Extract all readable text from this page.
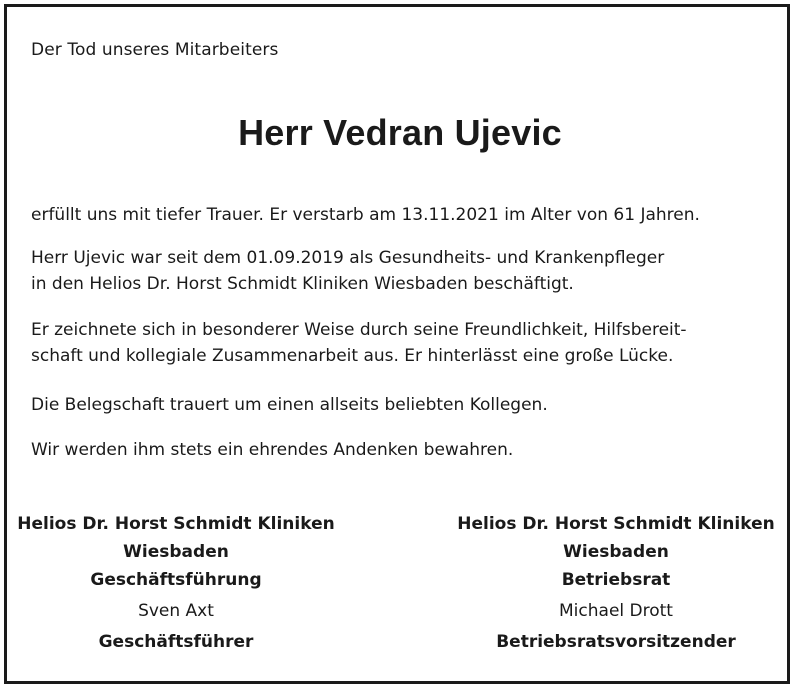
Der Tod unseres Mitarbeiters
Herr Vedran Ujevic

erfüllt uns mit tiefer Trauer. Er verstarb am 13.11.2021 im Alter von 61 Jahren.

Herr Ujevic war seit dem 01.09.2019 als Gesundheits- und Krankenpfleger
in den Helios Dr. Horst Schmidt Kliniken Wiesbaden beschäftigt.

Er zeichnete sich in besonderer Weise durch seine Freundlichkeit, Hilfsbereit-
schaft und kollegiale Zusammenarbeit aus. Er hinterlässt eine große Lücke.

Die Belegschaft trauert um einen allseits beliebten Kollegen.

Wir werden ihm stets ein ehrendes Andenken bewahren.

Helios Dr. Horst Schmidt Kliniken
Wiesbaden
Geschäftsführung
Sven Axt
Geschäftsführer
Helios Dr. Horst Schmidt Kliniken
Wiesbaden
Betriebsrat
Michael Drott
Betriebsratsvorsitzender
